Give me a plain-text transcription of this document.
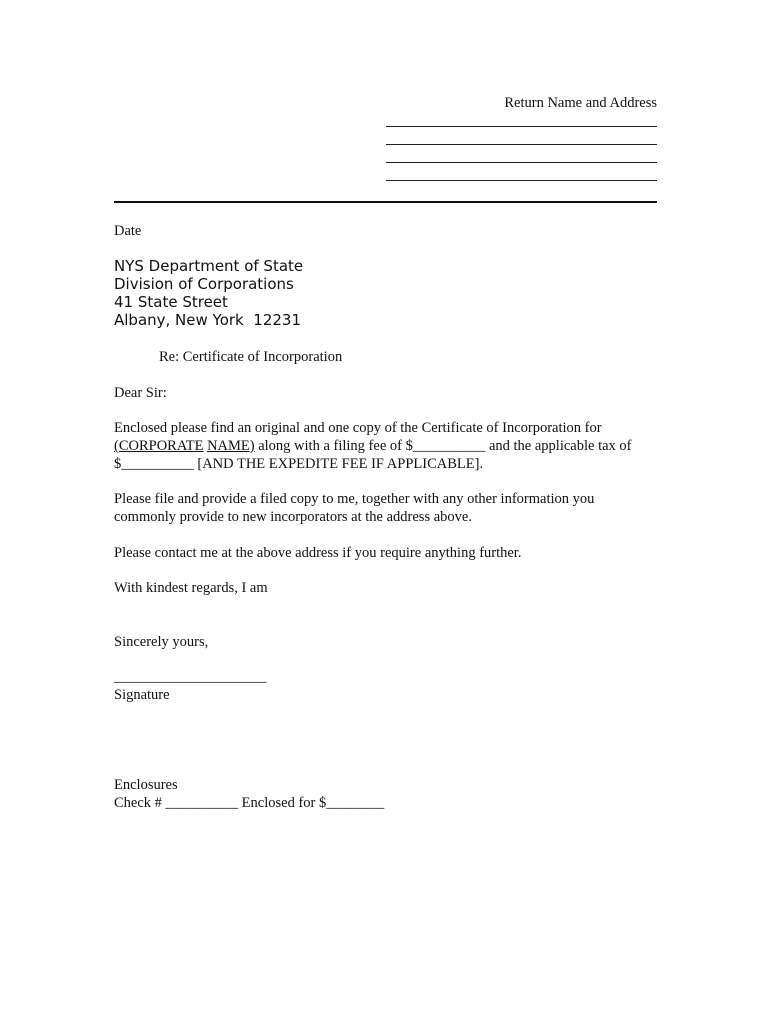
Return Name and Address
Date
NYS Department of State
Division of Corporations
41 State Street
Albany, New York  12231
Re: Certificate of Incorporation
Dear Sir:
Enclosed please find an original and one copy of the Certificate of Incorporation for
(CORPORATE NAME) along with a filing fee of $__________ and the applicable tax of
$__________ [AND THE EXPEDITE FEE IF APPLICABLE].
Please file and provide a filed copy to me, together with any other information you
commonly provide to new incorporators at the address above.
Please contact me at the above address if you require anything further.
With kindest regards, I am
Sincerely yours,
_____________________
Signature
Enclosures
Check # __________ Enclosed for $________
